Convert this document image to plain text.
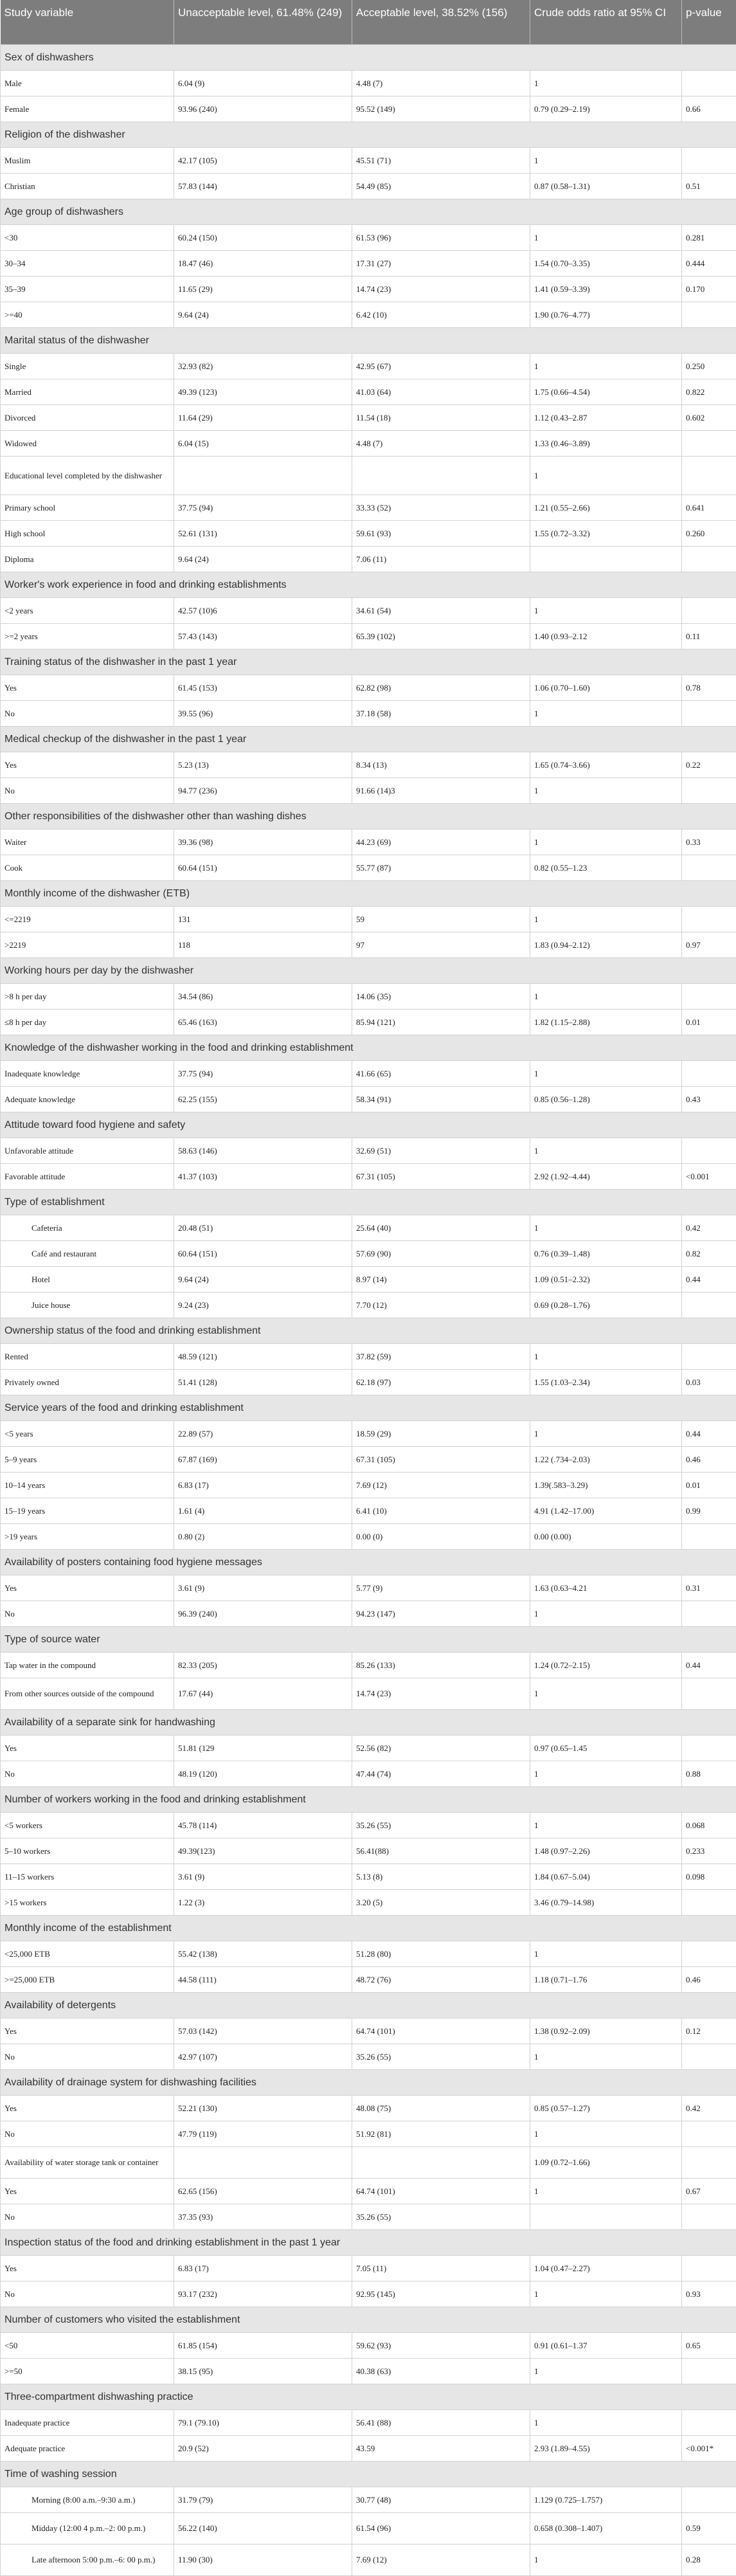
Study variable	Unacceptable level, 61.48% (249)	Acceptable level, 38.52% (156)	Crude odds ratio at 95% CI	p-value
Sex of dishwashers				
Male	6.04 (9)	4.48 (7)	1	
Female	93.96 (240)	95.52 (149)	0.79 (0.29–2.19)	0.66
Religion of the dishwasher				
Muslim	42.17 (105)	45.51 (71)	1	
Christian	57.83 (144)	54.49 (85)	0.87 (0.58–1.31)	0.51
Age group of dishwashers				
<30	60.24 (150)	61.53 (96)	1	0.281
30–34	18.47 (46)	17.31 (27)	1.54 (0.70–3.35)	0.444
35–39	11.65 (29)	14.74 (23)	1.41 (0.59–3.39)	0.170
>=40	9.64 (24)	6.42 (10)	1.90 (0.76–4.77)	
Marital status of the dishwasher				
Single	32.93 (82)	42.95 (67)	1	0.250
Married	49.39 (123)	41.03 (64)	1.75 (0.66–4.54)	0.822
Divorced	11.64 (29)	11.54 (18)	1.12 (0.43–2.87	0.602
Widowed	6.04 (15)	4.48 (7)	1.33 (0.46–3.89)	
Educational level completed by the dishwasher			1	
Primary school	37.75 (94)	33.33 (52)	1.21 (0.55–2.66)	0.641
High school	52.61 (131)	59.61 (93)	1.55 (0.72–3.32)	0.260
Diploma	9.64 (24)	7.06 (11)		
Worker's work experience in food and drinking establishments				
<2 years	42.57 (10)6	34.61 (54)	1	
>=2 years	57.43 (143)	65.39 (102)	1.40 (0.93–2.12	0.11
Training status of the dishwasher in the past 1 year				
Yes	61.45 (153)	62.82 (98)	1.06 (0.70–1.60)	0.78
No	39.55 (96)	37.18 (58)	1	
Medical checkup of the dishwasher in the past 1 year				
Yes	5.23 (13)	8.34 (13)	1.65 (0.74–3.66)	0.22
No	94.77 (236)	91.66 (14)3	1	
Other responsibilities of the dishwasher other than washing dishes				
Waiter	39.36 (98)	44.23 (69)	1	0.33
Cook	60.64 (151)	55.77 (87)	0.82 (0.55–1.23	
Monthly income of the dishwasher (ETB)				
<=2219	131	59	1	
>2219	118	97	1.83 (0.94–2.12)	0.97
Working hours per day by the dishwasher				
>8 h per day	34.54 (86)	14.06 (35)	1	
≤8 h per day	65.46 (163)	85.94 (121)	1.82 (1.15–2.88)	0.01
Knowledge of the dishwasher working in the food and drinking establishment				
Inadequate knowledge	37.75 (94)	41.66 (65)	1	
Adequate knowledge	62.25 (155)	58.34 (91)	0.85 (0.56–1.28)	0.43
Attitude toward food hygiene and safety				
Unfavorable attitude	58.63 (146)	32.69 (51)	1	
Favorable attitude	41.37 (103)	67.31 (105)	2.92 (1.92–4.44)	<0.001
Type of establishment				
Cafeteria	20.48 (51)	25.64 (40)	1	0.42
Café and restaurant	60.64 (151)	57.69 (90)	0.76 (0.39–1.48)	0.82
Hotel	9.64 (24)	8.97 (14)	1.09 (0.51–2.32)	0.44
Juice house	9.24 (23)	7.70 (12)	0.69 (0.28–1.76)	
Ownership status of the food and drinking establishment				
Rented	48.59 (121)	37.82 (59)	1	
Privately owned	51.41 (128)	62.18 (97)	1.55 (1.03–2.34)	0.03
Service years of the food and drinking establishment				
<5 years	22.89 (57)	18.59 (29)	1	0.44
5–9 years	67.87 (169)	67.31 (105)	1.22 (.734–2.03)	0.46
10–14 years	6.83 (17)	7.69 (12)	1.39(.583–3.29)	0.01
15–19 years	1.61 (4)	6.41 (10)	4.91 (1.42–17.00)	0.99
>19 years	0.80 (2)	0.00 (0)	0.00 (0.00)	
Availability of posters containing food hygiene messages				
Yes	3.61 (9)	5.77 (9)	1.63 (0.63–4.21	0.31
No	96.39 (240)	94.23 (147)	1	
Type of source water				
Tap water in the compound	82.33 (205)	85.26 (133)	1.24 (0.72–2.15)	0.44
From other sources outside of the compound	17.67 (44)	14.74 (23)	1	
Availability of a separate sink for handwashing				
Yes	51.81 (129	52.56 (82)	0.97 (0.65–1.45	
No	48.19 (120)	47.44 (74)	1	0.88
Number of workers working in the food and drinking establishment				
<5 workers	45.78 (114)	35.26 (55)	1	0.068
5–10 workers	49.39(123)	56.41(88)	1.48 (0.97–2.26)	0.233
11–15 workers	3.61 (9)	5.13 (8)	1.84 (0.67–5.04)	0.098
>15 workers	1.22 (3)	3.20 (5)	3.46 (0.79–14.98)	
Monthly income of the establishment				
<25,000 ETB	55.42 (138)	51.28 (80)	1	
>=25,000 ETB	44.58 (111)	48.72 (76)	1.18 (0.71–1.76	0.46
Availability of detergents				
Yes	57.03 (142)	64.74 (101)	1.38 (0.92–2.09)	0.12
No	42.97 (107)	35.26 (55)	1	
Availability of drainage system for dishwashing facilities				
Yes	52.21 (130)	48.08 (75)	0.85 (0.57–1.27)	0.42
No	47.79 (119)	51.92 (81)	1	
Availability of water storage tank or container			1.09 (0.72–1.66)	
Yes	62.65 (156)	64.74 (101)	1	0.67
No	37.35 (93)	35.26 (55)		
Inspection status of the food and drinking establishment in the past 1 year				
Yes	6.83 (17)	7.05 (11)	1.04 (0.47–2.27)	
No	93.17 (232)	92.95 (145)	1	0.93
Number of customers who visited the establishment				
<50	61.85 (154)	59.62 (93)	0.91 (0.61–1.37	0.65
>=50	38.15 (95)	40.38 (63)	1	
Three-compartment dishwashing practice				
Inadequate practice	79.1 (79.10)	56.41 (88)	1	
Adequate practice	20.9 (52)	43.59	2.93 (1.89–4.55)	<0.001*
Time of washing session				
Morning (8:00 a.m.–9:30 a.m.)	31.79 (79)	30.77 (48)	1.129 (0.725–1.757)	
Midday (12:00 4 p.m.–2: 00 p.m.)	56.22 (140)	61.54 (96)	0.658 (0.308–1.407)	0.59
Late afternoon 5:00 p.m.–6: 00 p.m.)	11.90 (30)	7.69 (12)	1	0.28
